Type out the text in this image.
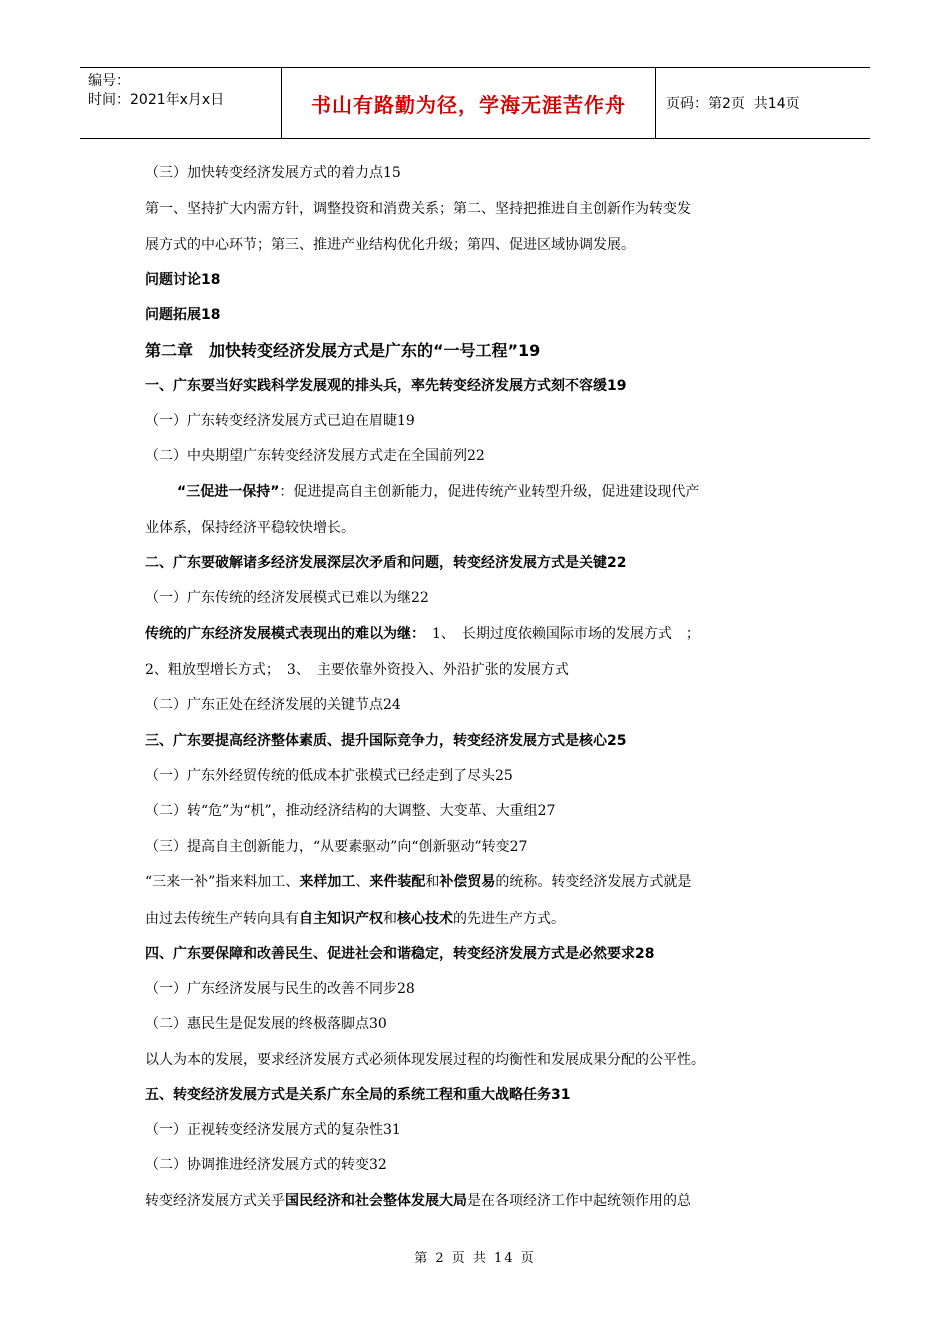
编号：
时间：2021年x月x日	书山有路勤为径，学海无涯苦作舟	页码：第2页  共14页
（三）加快转变经济发展方式的着力点15
第一、坚持扩大内需方针，调整投资和消费关系；第二、坚持把推进自主创新作为转变发
展方式的中心环节；第三、推进产业结构优化升级；第四、促进区域协调发展。
问题讨论18
问题拓展18
第二章　加快转变经济发展方式是广东的“一号工程”19
一、广东要当好实践科学发展观的排头兵，率先转变经济发展方式刻不容缓19
（一）广东转变经济发展方式已迫在眉睫19
（二）中央期望广东转变经济发展方式走在全国前列22
“三促进一保持”：促进提高自主创新能力，促进传统产业转型升级，促进建设现代产
业体系，保持经济平稳较快增长。
二、广东要破解诸多经济发展深层次矛盾和问题，转变经济发展方式是关键22
（一）广东传统的经济发展模式已难以为继22
传统的广东经济发展模式表现出的难以为继：　1、　长期过度依赖国际市场的发展方式　；
2、粗放型增长方式；　3、　主要依靠外资投入、外沿扩张的发展方式
（二）广东正处在经济发展的关键节点24
三、广东要提高经济整体素质、提升国际竞争力，转变经济发展方式是核心25
（一）广东外经贸传统的低成本扩张模式已经走到了尽头25
（二）转“危”为“机”，推动经济结构的大调整、大变革、大重组27
（三）提高自主创新能力，“从要素驱动”向“创新驱动”转变27
“三来一补”指来料加工、来样加工、来件装配和补偿贸易的统称。转变经济发展方式就是
由过去传统生产转向具有自主知识产权和核心技术的先进生产方式。
四、广东要保障和改善民生、促进社会和谐稳定，转变经济发展方式是必然要求28
（一）广东经济发展与民生的改善不同步28
（二）惠民生是促发展的终极落脚点30
以人为本的发展，要求经济发展方式必须体现发展过程的均衡性和发展成果分配的公平性。
五、转变经济发展方式是关系广东全局的系统工程和重大战略任务31
（一）正视转变经济发展方式的复杂性31
（二）协调推进经济发展方式的转变32
转变经济发展方式关乎国民经济和社会整体发展大局是在各项经济工作中起统领作用的总
第 2 页 共 14 页
